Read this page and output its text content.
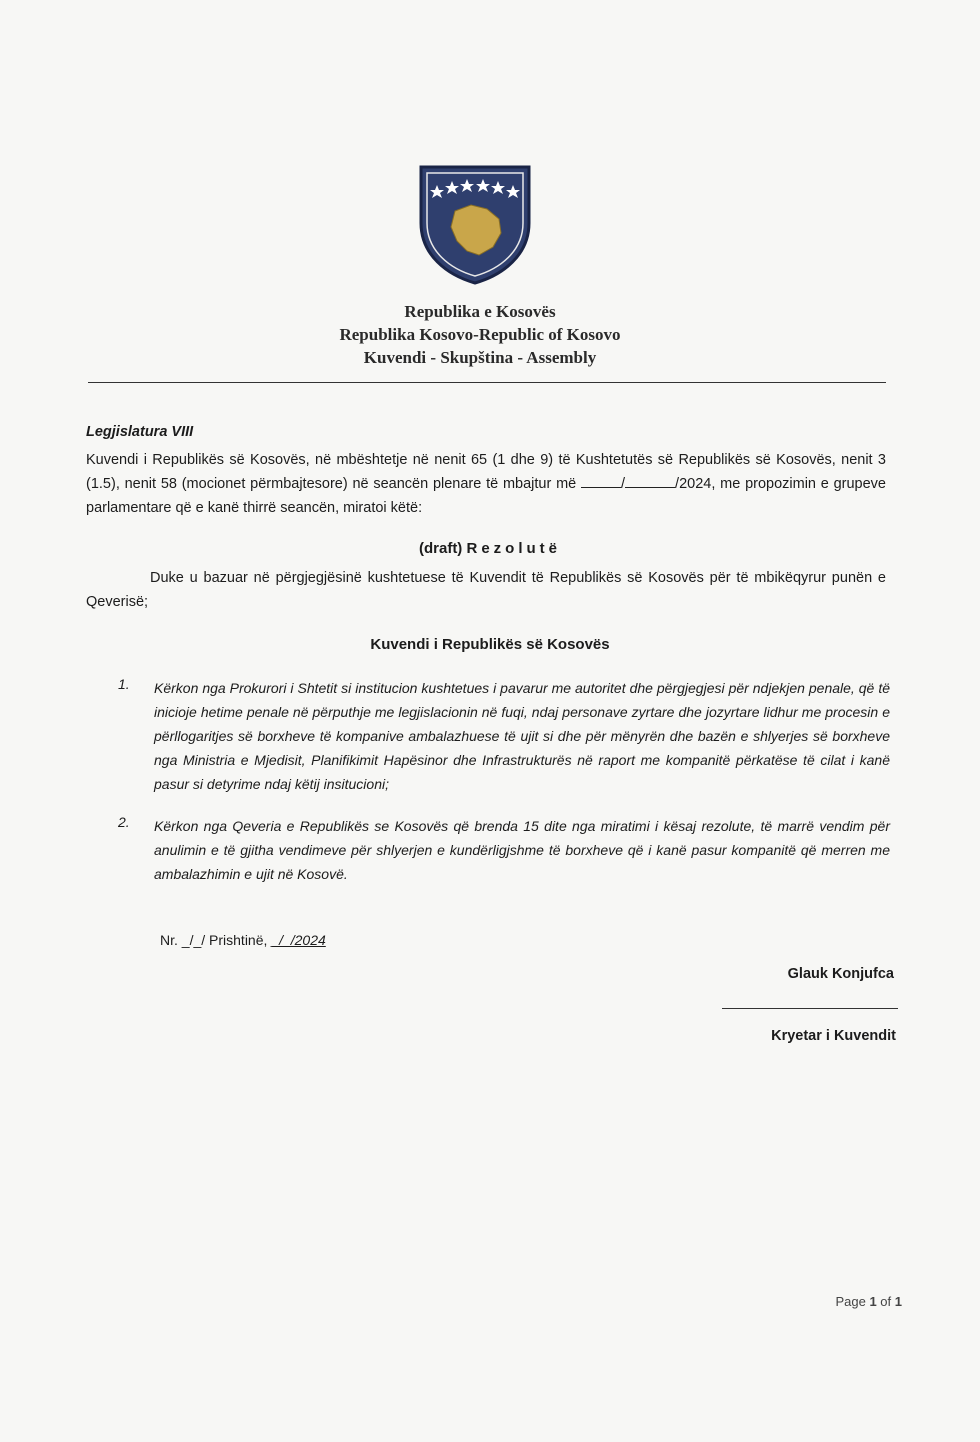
Republika e Kosovës
Republika Kosovo-Republic of Kosovo
Kuvendi - Skupština - Assembly
Legjislatura VIII
Kuvendi i Republikës së Kosovës, në mbështetje në nenit 65 (1 dhe 9) të Kushtetutës së Republikës së Kosovës, nenit 3 (1.5), nenit 58 (mocionet përmbajtesore) në seancën plenare të mbajtur më	/	/2024, me propozimin e grupeve parlamentare që e kanë thirrë seancën, miratoi këtë:
(draft) Rezolutë
Duke u bazuar në përgjegjësinë kushtetuese të Kuvendit të Republikës së Kosovës për të mbikëqyrur punën e Qeverisë;
Kuvendi i Republikës së Kosovës
1.	Kërkon nga Prokurori i Shtetit si institucion kushtetues i pavarur me autoritet dhe përgjegjesi për ndjekjen penale, që të inicioje hetime penale në përputhje me legjislacionin në fuqi, ndaj personave zyrtare dhe jozyrtare lidhur me procesin e përllogaritjes së borxheve të kompanive ambalazhuese të ujit si dhe për mënyrën dhe bazën e shlyerjes së borxheve nga Ministria e Mjedisit, Planifikimit Hapësinor dhe Infrastrukturës në raport me kompanitë përkatëse të cilat i kanë pasur si detyrime ndaj këtij insitucioni;
2.	Kërkon nga Qeveria e Republikës se Kosovës që brenda 15 dite nga miratimi i kësaj rezolute, të marrë vendim për anulimin e të gjitha vendimeve për shlyerjen e kundërligjshme të borxheve që i kanë pasur kompanitë që merren me ambalazhimin e ujit në Kosovë.
Nr. _/_/ Prishtinë, _/_/2024
Glauk Konjufca
Kryetar i Kuvendit
Page 1 of 1
